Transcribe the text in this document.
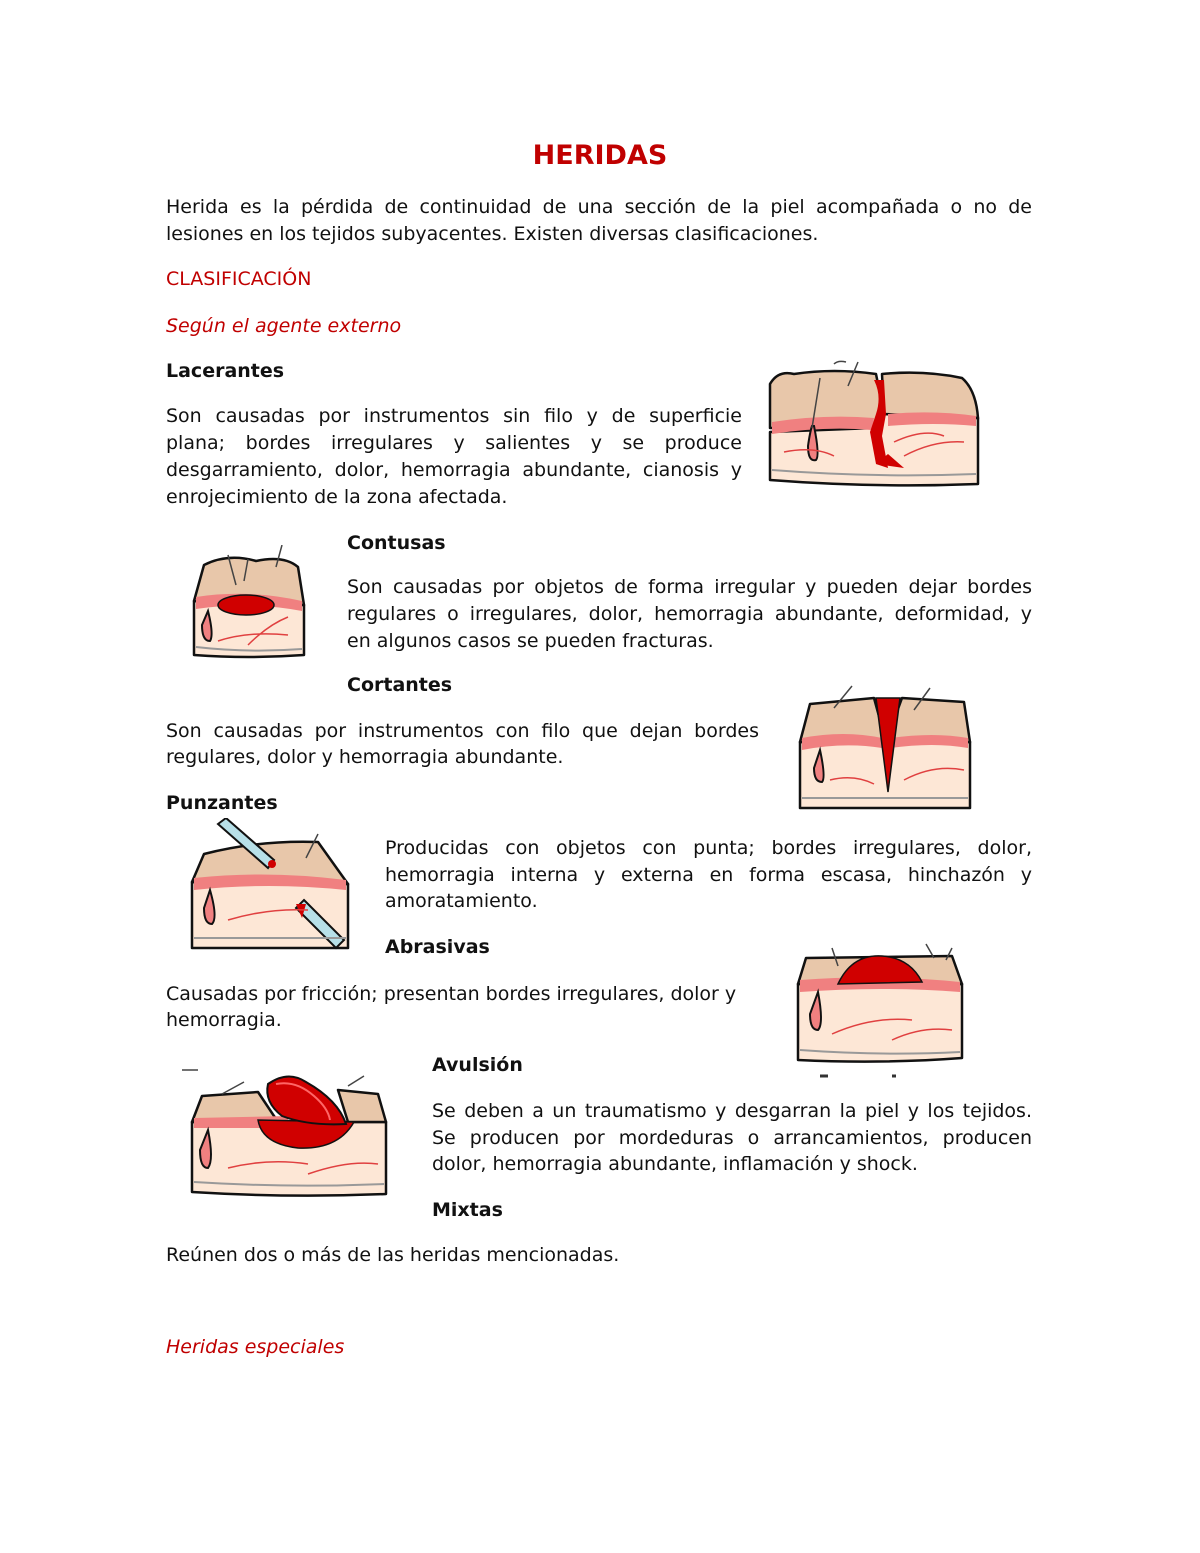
HERIDAS

Herida es la pérdida de continuidad de una sección de la piel acompañada o no de

lesiones en los tejidos subyacentes. Existen diversas clasificaciones.

CLASIFICACIÓN

Según el agente externo

Lacerantes

Son causadas por instrumentos sin filo y de superficie

plana; bordes irregulares y salientes y se produce

desgarramiento, dolor, hemorragia abundante, cianosis y

enrojecimiento de la zona afectada.

Contusas

Son causadas por objetos de forma irregular y pueden dejar bordes

regulares o irregulares, dolor, hemorragia abundante, deformidad, y

en algunos casos se pueden fracturas.

Cortantes

Son causadas por instrumentos con filo que dejan bordes

regulares, dolor y hemorragia abundante.

Punzantes

Producidas con objetos con punta; bordes irregulares, dolor,

hemorragia interna y externa en forma escasa, hinchazón y

amoratamiento.

Abrasivas

Causadas por fricción; presentan bordes irregulares, dolor y

hemorragia.

Avulsión

Se deben a un traumatismo y desgarran la piel y los tejidos.

Se producen por mordeduras o arrancamientos, producen

dolor, hemorragia abundante, inflamación y shock.

Mixtas

Reúnen dos o más de las heridas mencionadas.

Heridas especiales
